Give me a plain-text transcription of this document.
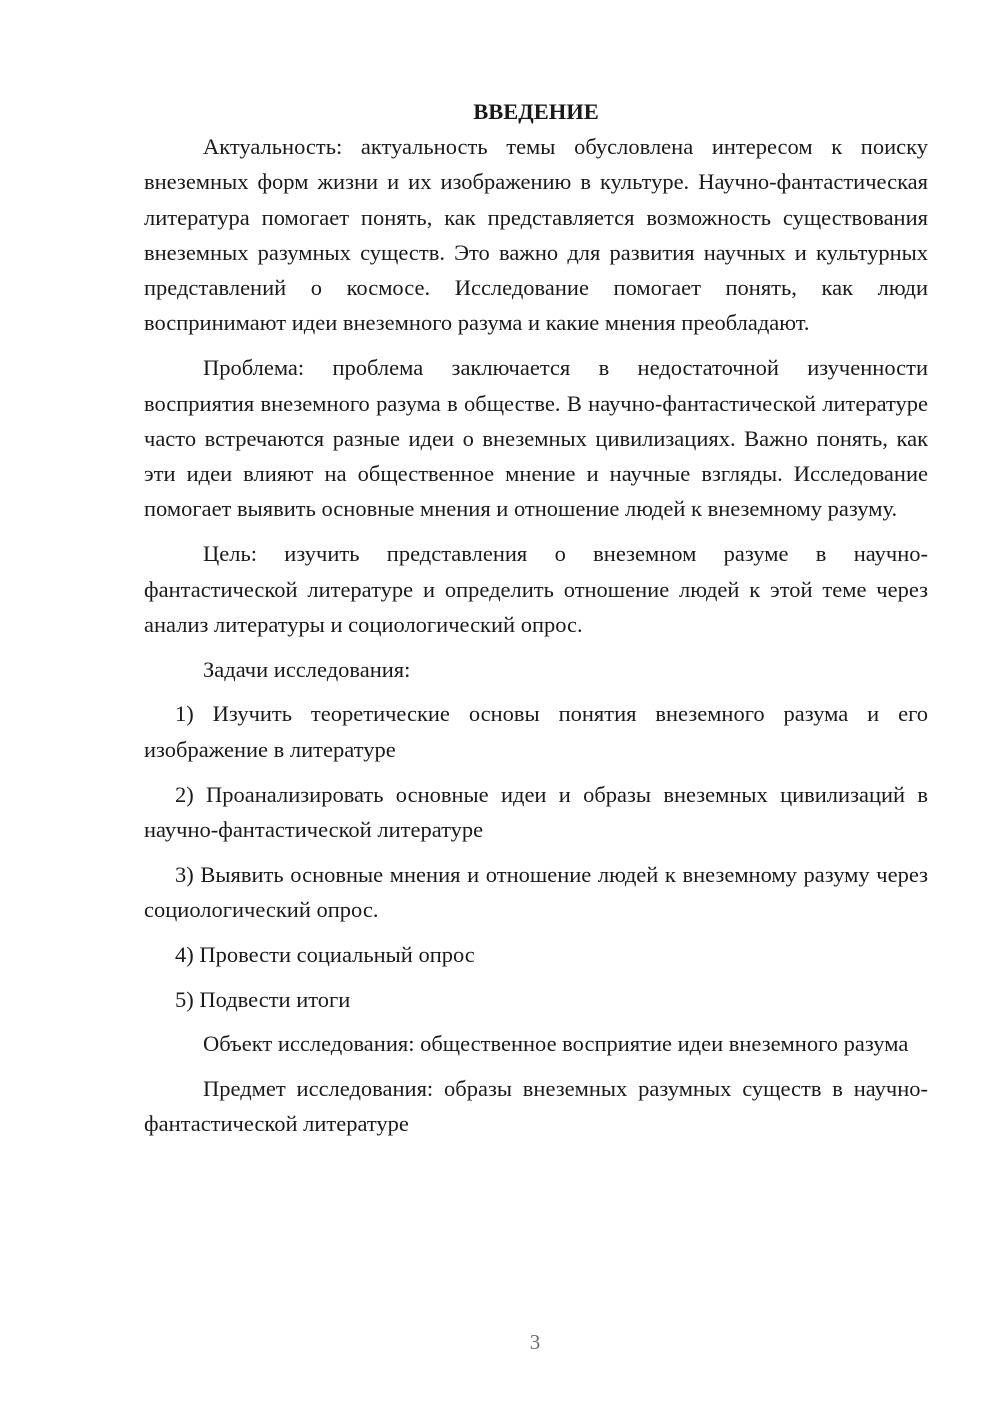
ВВЕДЕНИЕ

Актуальность: актуальность темы обусловлена интересом к поиску внеземных форм жизни и их изображению в культуре. Научно-фантастическая литература помогает понять, как представляется возможность существования внеземных разумных существ. Это важно для развития научных и культурных представлений о космосе. Исследование помогает понять, как люди воспринимают идеи внеземного разума и какие мнения преобладают.

Проблема: проблема заключается в недостаточной изученности восприятия внеземного разума в обществе. В научно-фантастической литературе часто встречаются разные идеи о внеземных цивилизациях. Важно понять, как эти идеи влияют на общественное мнение и научные взгляды. Исследование помогает выявить основные мнения и отношение людей к внеземному разуму.

Цель: изучить представления о внеземном разуме в научно-фантастической литературе и определить отношение людей к этой теме через анализ литературы и социологический опрос.

Задачи исследования:

1) Изучить теоретические основы понятия внеземного разума и его изображение в литературе

2) Проанализировать основные идеи и образы внеземных цивилизаций в научно-фантастической литературе

3) Выявить основные мнения и отношение людей к внеземному разуму через социологический опрос.

4) Провести социальный опрос

5) Подвести итоги

Объект исследования: общественное восприятие идеи внеземного разума

Предмет исследования: образы внеземных разумных существ в научно-фантастической литературе

3
